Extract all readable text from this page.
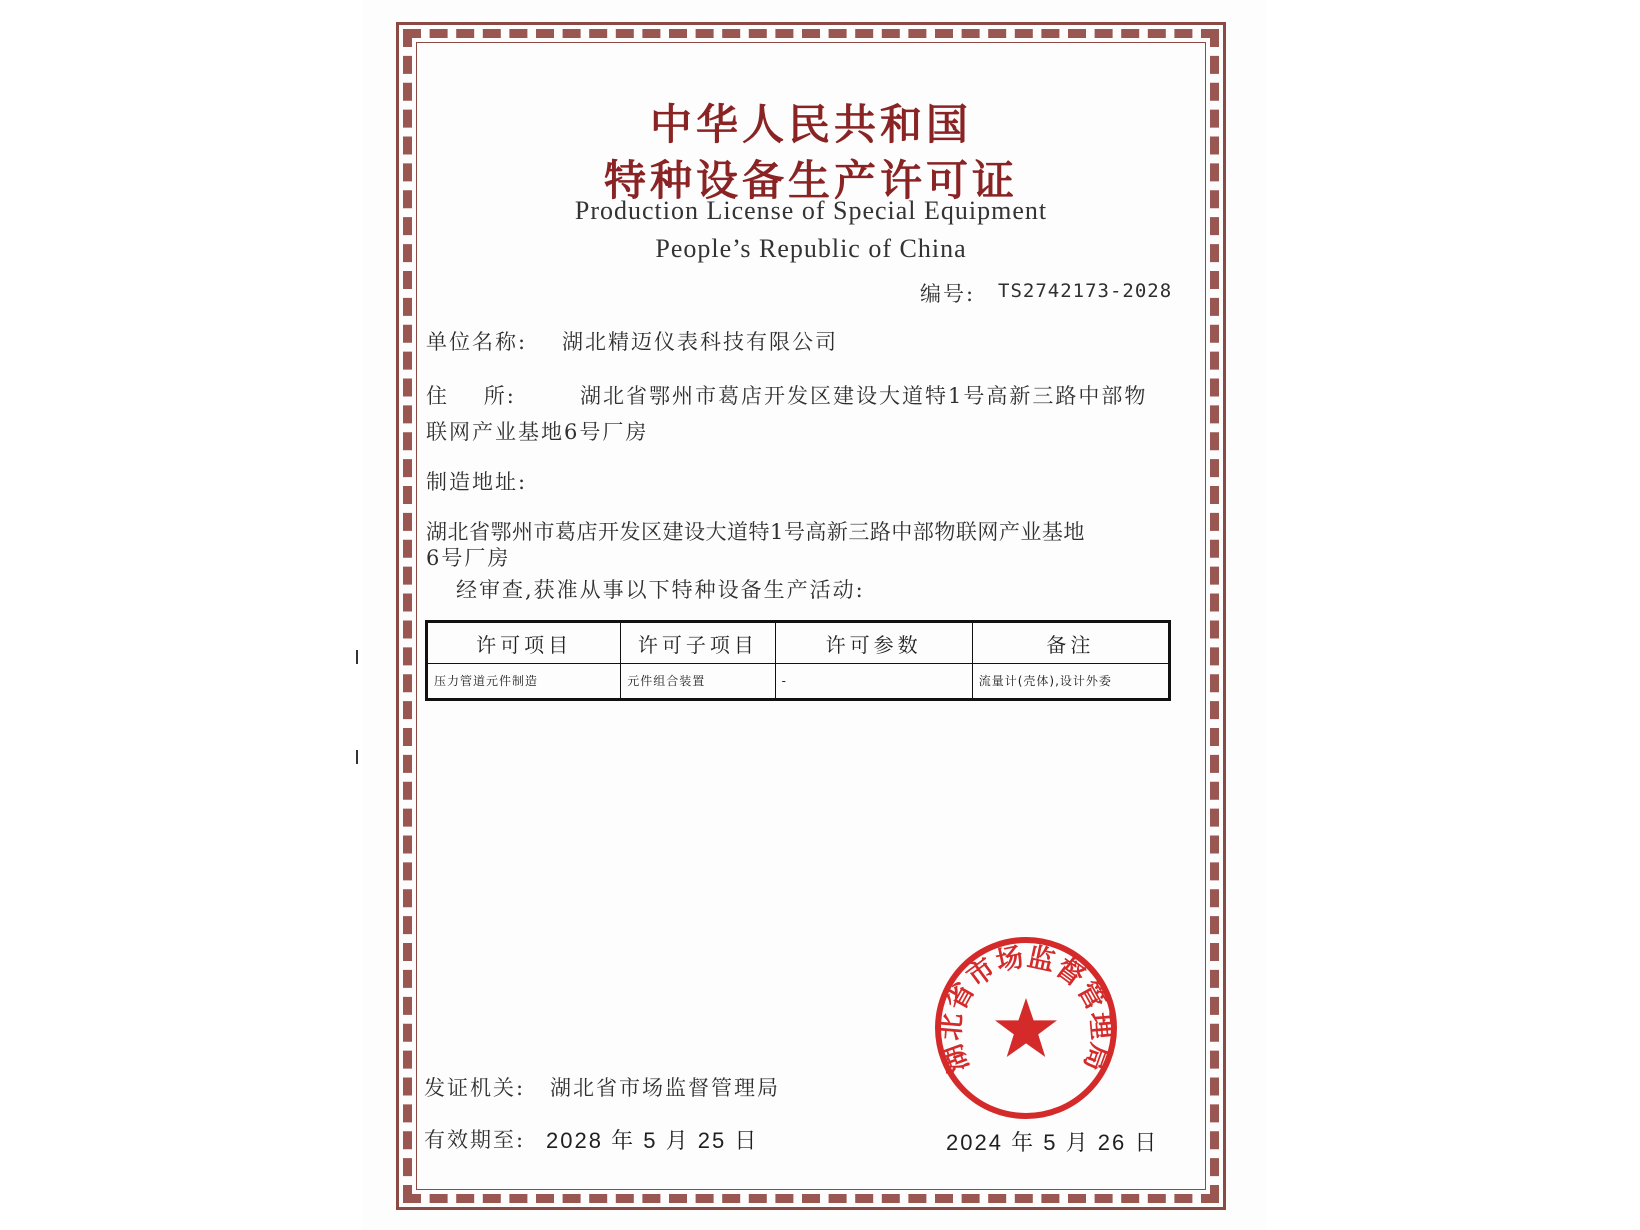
中华人民共和国
特种设备生产许可证
Production License of Special Equipment
People’s Republic of China
编号: TS2742173-2028
单位名称: 湖北精迈仪表科技有限公司
住    所:	湖北省鄂州市葛店开发区建设大道特1号高新三路中部物
联网产业基地6号厂房
制造地址:
湖北省鄂州市葛店开发区建设大道特1号高新三路中部物联网产业基地
6号厂房
经审查,获准从事以下特种设备生产活动:
许可项目	许可子项目	许可参数	备注
压力管道元件制造	元件组合装置	-	流量计(壳体),设计外委
湖北省市场监督管理局
发证机关: 湖北省市场监督管理局
有效期至: 2028 年 5 月 25 日	2024 年 5 月 26 日
